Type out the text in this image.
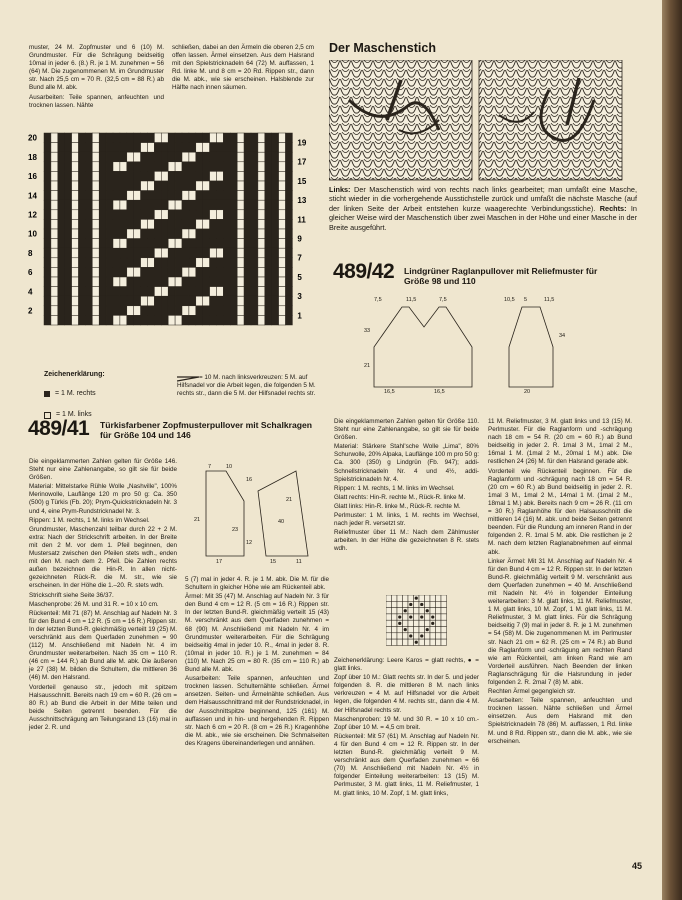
muster, 24 M. Zopfmuster und 6 (10) M. Grundmuster. Für die Schrägung beidseitig 10mal in jeder 6. (8.) R. je 1 M. zunehmen = 56 (64) M. Die zugenommenen M. im Grundmuster str. Nach 25,5 cm = 70 R. (32,5 cm = 88 R.) ab Bund alle M. abk.

Ausarbeiten: Teile spannen, anfeuchten und trocknen lassen. Nähte

schließen, dabei an den Ärmeln die oberen 2,5 cm offen lassen. Ärmel einsetzen. Aus dem Halsrand mit den Spielstricknadeln 64 (72) M. auffassen, 1 Rd. linke M. und 8 cm = 20 Rd. Rippen str., dann die M. abk., wie sie erscheinen. Halsblende zur Hälfte nach innen säumen.

20
18
16
14
12
10
8
6
4
2
19
17
15
13
11
9
7
5
3
1
Zeichenerklärung:
= 1 M. rechts
= 1 M. links
= 10 M. nach linksverkreuzen: 5 M. auf Hilfsnadel vor die Arbeit legen, die folgenden 5 M. rechts str., dann die 5 M. der Hilfsnadel rechts str.
Der Maschenstich
Links: Der Maschenstich wird von rechts nach links gearbeitet; man umfaßt eine Masche, sticht wieder in die vorhergehende Ausstichstelle zurück und umfaßt die nächste Masche (auf der linken Seite der Arbeit entstehen kurze waagerechte Verbindungsstiche). Rechts: In gleicher Weise wird der Maschenstich über zwei Maschen in der Höhe und einer Masche in der Breite ausgeführt.
489/42 Lindgrüner Raglanpullover mit Reliefmuster für Größe 98 und 110
7,5	11,5	7,5
33
21
16,5	16,5
10,5 5	11,5
34
20
489/41 Türkisfarbener Zopfmusterpullover mit Schalkragen für Größe 104 und 146
7	10
16
21
23
12
40
17
21
15	11

Die eingeklammerten Zahlen gelten für Größe 146. Steht nur eine Zahlenangabe, so gilt sie für beide Größen.

Material: Mittelstarke Rühle Wolle „Nashville", 100% Merinowolle, Lauflänge 120 m pro 50 g: Ca. 350 (500) g Türkis (Fb. 20); Prym-Quickstricknadeln Nr. 3 und 4, eine Prym-Rundstricknadel Nr. 3.

Rippen: 1 M. rechts, 1 M. links im Wechsel.

Grundmuster, Maschenzahl teilbar durch 22 + 2 M. extra: Nach der Strickschrift arbeiten. In der Breite mit den 2 M. vor dem 1. Pfeil beginnen, den Mustersatz zwischen den Pfeilen stets wdh., enden mit den M. nach dem 2. Pfeil. Die Zahlen rechts außen bezeichnen die Hin-R. In allen nicht-gezeichneten Rück-R. die M. str., wie sie erscheinen. In der Höhe die 1.–20. R. stets wdh.

Strickschrift siehe Seite 36/37.

Maschenprobe: 26 M. und 31 R. = 10 x 10 cm.

Rückenteil: Mit 71 (87) M. Anschlag auf Nadeln Nr. 3 für den Bund 4 cm = 12 R. (5 cm = 16 R.) Rippen str. In der letzten Bund-R. gleichmäßig verteilt 19 (25) M. verschränkt aus dem Querfaden zunehmen = 90 (112) M. Anschließend mit Nadeln Nr. 4 im Grundmuster weiterarbeiten. Nach 35 cm = 110 R. (46 cm = 144 R.) ab Bund alle M. abk. Die äußeren je 27 (38) M. bilden die Schultern, die mittleren 36 (46) M. den Halsrand.

Vorderteil genauso str., jedoch mit spitzem Halsausschnitt. Bereits nach 19 cm = 60 R. (26 cm = 80 R.) ab Bund die Arbeit in der Mitte teilen und beide Seiten getrennt beenden. Für die Ausschnittschrägung am Teilungsrand 13 (16) mal in jeder 2. R. und

5 (7) mal in jeder 4. R. je 1 M. abk. Die M. für die Schultern in gleicher Höhe wie am Rückenteil abk.

Ärmel: Mit 35 (47) M. Anschlag auf Nadeln Nr. 3 für den Bund 4 cm = 12 R. (5 cm = 16 R.) Rippen str. In der letzten Bund-R. gleichmäßig verteilt 15 (43) M. verschränkt aus dem Querfaden zunehmen = 68 (90) M. Anschließend mit Nadeln Nr. 4 im Grundmuster weiterarbeiten. Für die Schrägung beidseitig 4mal in jeder 10. R., 4mal in jeder 8. R. (10mal in jeder 10. R.) je 1 M. zunehmen = 84 (110) M. Nach 25 cm = 80 R. (35 cm = 110 R.) ab Bund alle M. abk.

Ausarbeiten: Teile spannen, anfeuchten und trocknen lassen. Schulternähte schließen. Ärmel ansetzen. Seiten- und Ärmelnähte schließen. Aus dem Halsausschnittrand mit der Rundstricknadel, in der Ausschnittspitze beginnend, 125 (161) M. auffassen und in hin- und hergehenden R. Rippen str. Nach 6 cm = 20 R. (8 cm = 26 R.) Kragenhöhe die M. abk., wie sie erscheinen. Die Schmalseiten des Kragens übereinanderlegen und annähen.

Die eingeklammerten Zahlen gelten für Größe 110. Steht nur eine Zahlenangabe, so gilt sie für beide Größen.

Material: Stärkere Stahl'sche Wolle „Lima", 80% Schurwolle, 20% Alpaka, Lauflänge 100 m pro 50 g: Ca. 300 (350) g Lindgrün (Fb. 947); addi-Schnellstricknadeln Nr. 4 und 4½, addi-Spielstricknadeln Nr. 4.

Rippen: 1 M. rechts, 1 M. links im Wechsel.

Glatt rechts: Hin-R. rechte M., Rück-R. linke M.

Glatt links: Hin-R. linke M., Rück-R. rechte M.

Perlmuster: 1 M. links, 1 M. rechts im Wechsel, nach jeder R. versetzt str.

Reliefmuster über 11 M.: Nach dem Zählmuster arbeiten. In der Höhe die gezeichneten 8 R. stets wdh.

Zeichenerklärung: Leere Karos = glatt rechts, ● = glatt links.

Zopf über 10 M.: Glatt rechts str. In der 5. und jeder folgenden 8. R. die mittleren 8 M. nach links verkreuzen = 4 M. auf Hilfsnadel vor die Arbeit legen, die folgenden 4 M. rechts str., dann die 4 M. der Hilfsnadel rechts str.

Maschenproben: 19 M. und 30 R. = 10 x 10 cm.- Zopf über 10 M. = 4,5 cm breit.

Rückenteil: Mit 57 (61) M. Anschlag auf Nadeln Nr. 4 für den Bund 4 cm = 12 R. Rippen str. In der letzten Bund-R. gleichmäßig verteilt 9 M. verschränkt aus dem Querfaden zunehmen = 66 (70) M. Anschließend mit Nadeln Nr. 4½ in folgender Einteilung weiterarbeiten: 13 (15) M. Perlmuster, 3 M. glatt links, 11 M. Reliefmuster, 1 M. glatt links, 10 M. Zopf, 1 M. glatt links,

11 M. Reliefmuster, 3 M. glatt links und 13 (15) M. Perlmuster. Für die Raglanform und -schrägung nach 18 cm = 54 R. (20 cm = 60 R.) ab Bund beidseitig in jeder 2. R. 1mal 3 M., 1mal 2 M., 16mal 1 M. (1mal 2 M., 20mal 1 M.) abk. Die restlichen 24 (26) M. für den Halsrand gerade abk.

Vorderteil wie Rückenteil beginnen. Für die Raglanform und -schrägung nach 18 cm = 54 R. (20 cm = 60 R.) ab Bund beidseitig in jeder 2. R. 1mal 3 M., 1mal 2 M., 14mal 1 M. (1mal 2 M., 18mal 1 M.) abk. Bereits nach 9 cm = 26 R. (11 cm = 30 R.) Raglanhöhe für den Halsausschnitt die mittleren 14 (16) M. abk. und beide Seiten getrennt beenden. Für die Rundung am inneren Rand in der folgenden 2. R. 1mal 5 M. abk. Die restlichen je 2 M. nach dem letzten Raglanabnehmen auf einmal abk.

Linker Ärmel: Mit 31 M. Anschlag auf Nadeln Nr. 4 für den Bund 4 cm = 12 R. Rippen str. In der letzten Bund-R. gleichmäßig verteilt 9 M. verschränkt aus dem Querfaden zunehmen = 40 M. Anschließend mit Nadeln Nr. 4½ in folgender Einteilung weiterarbeiten: 3 M. glatt links, 11 M. Reliefmuster, 1 M. glatt links, 10 M. Zopf, 1 M. glatt links, 11 M. Reliefmuster, 3 M. glatt links. Für die Schrägung beidseitig 7 (9) mal in jeder 8. R. je 1 M. zunehmen = 54 (58) M. Die zugenommenen M. im Perlmuster str. Nach 21 cm = 62 R. (25 cm = 74 R.) ab Bund die Raglanform und -schrägung am rechten Rand wie am Rückenteil, am linken Rand wie am Vorderteil ausführen. Nach Beenden der linken Raglanschrägung für die Halsrundung in jeder folgenden 2. R. 2mal 7 (8) M. abk.

Rechten Ärmel gegengleich str.

Ausarbeiten: Teile spannen, anfeuchten und trocknen lassen. Nähte schließen und Ärmel einsetzen. Aus dem Halsrand mit den Spielstricknadeln 78 (86) M. auffassen, 1 Rd. linke M. und 8 Rd. Rippen str., dann die M. abk., wie sie erscheinen.

45
